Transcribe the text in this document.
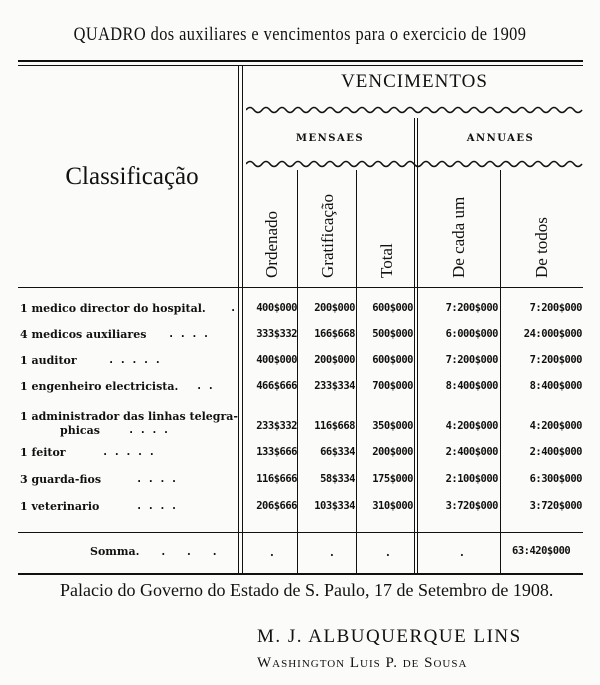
QUADRO dos auxiliares e vencimentos para o exercicio de 1909
VENCIMENTOS
MENSAES	ANNUAES
Classificação
Ordenado Gratificação Total	De cada um	De todos
1 medico director do hospital.	.	400$000	200$000	600$000	7:200$000	7:200$000
4 medicos auxiliares	. . . .	333$332	166$668	500$000	6:000$000	24:000$000
1 auditor	. . . . .	400$000	200$000	600$000	7:200$000	7:200$000
1 engenheiro electricista.	. .	466$666	233$334	700$000	8:400$000	8:400$000
1 administrador das linhas telegra-
phicas	. . . .	233$332	116$668	350$000	4:200$000	4:200$000
1 feitor	. . . . .	133$666	66$334	200$000	2:400$000	2:400$000
3 guarda-fios	. . . .	116$666	58$334	175$000	2:100$000	6:300$000
1 veterinario	. . . .	206$666	103$334	310$000	3:720$000	3:720$000
Somma. . . .	.	.	.	.	63:420$000
Palacio do Governo do Estado de S. Paulo, 17 de Setembro de 1908.
M. J. ALBUQUERQUE LINS
Washington Luis P. de Sousa
